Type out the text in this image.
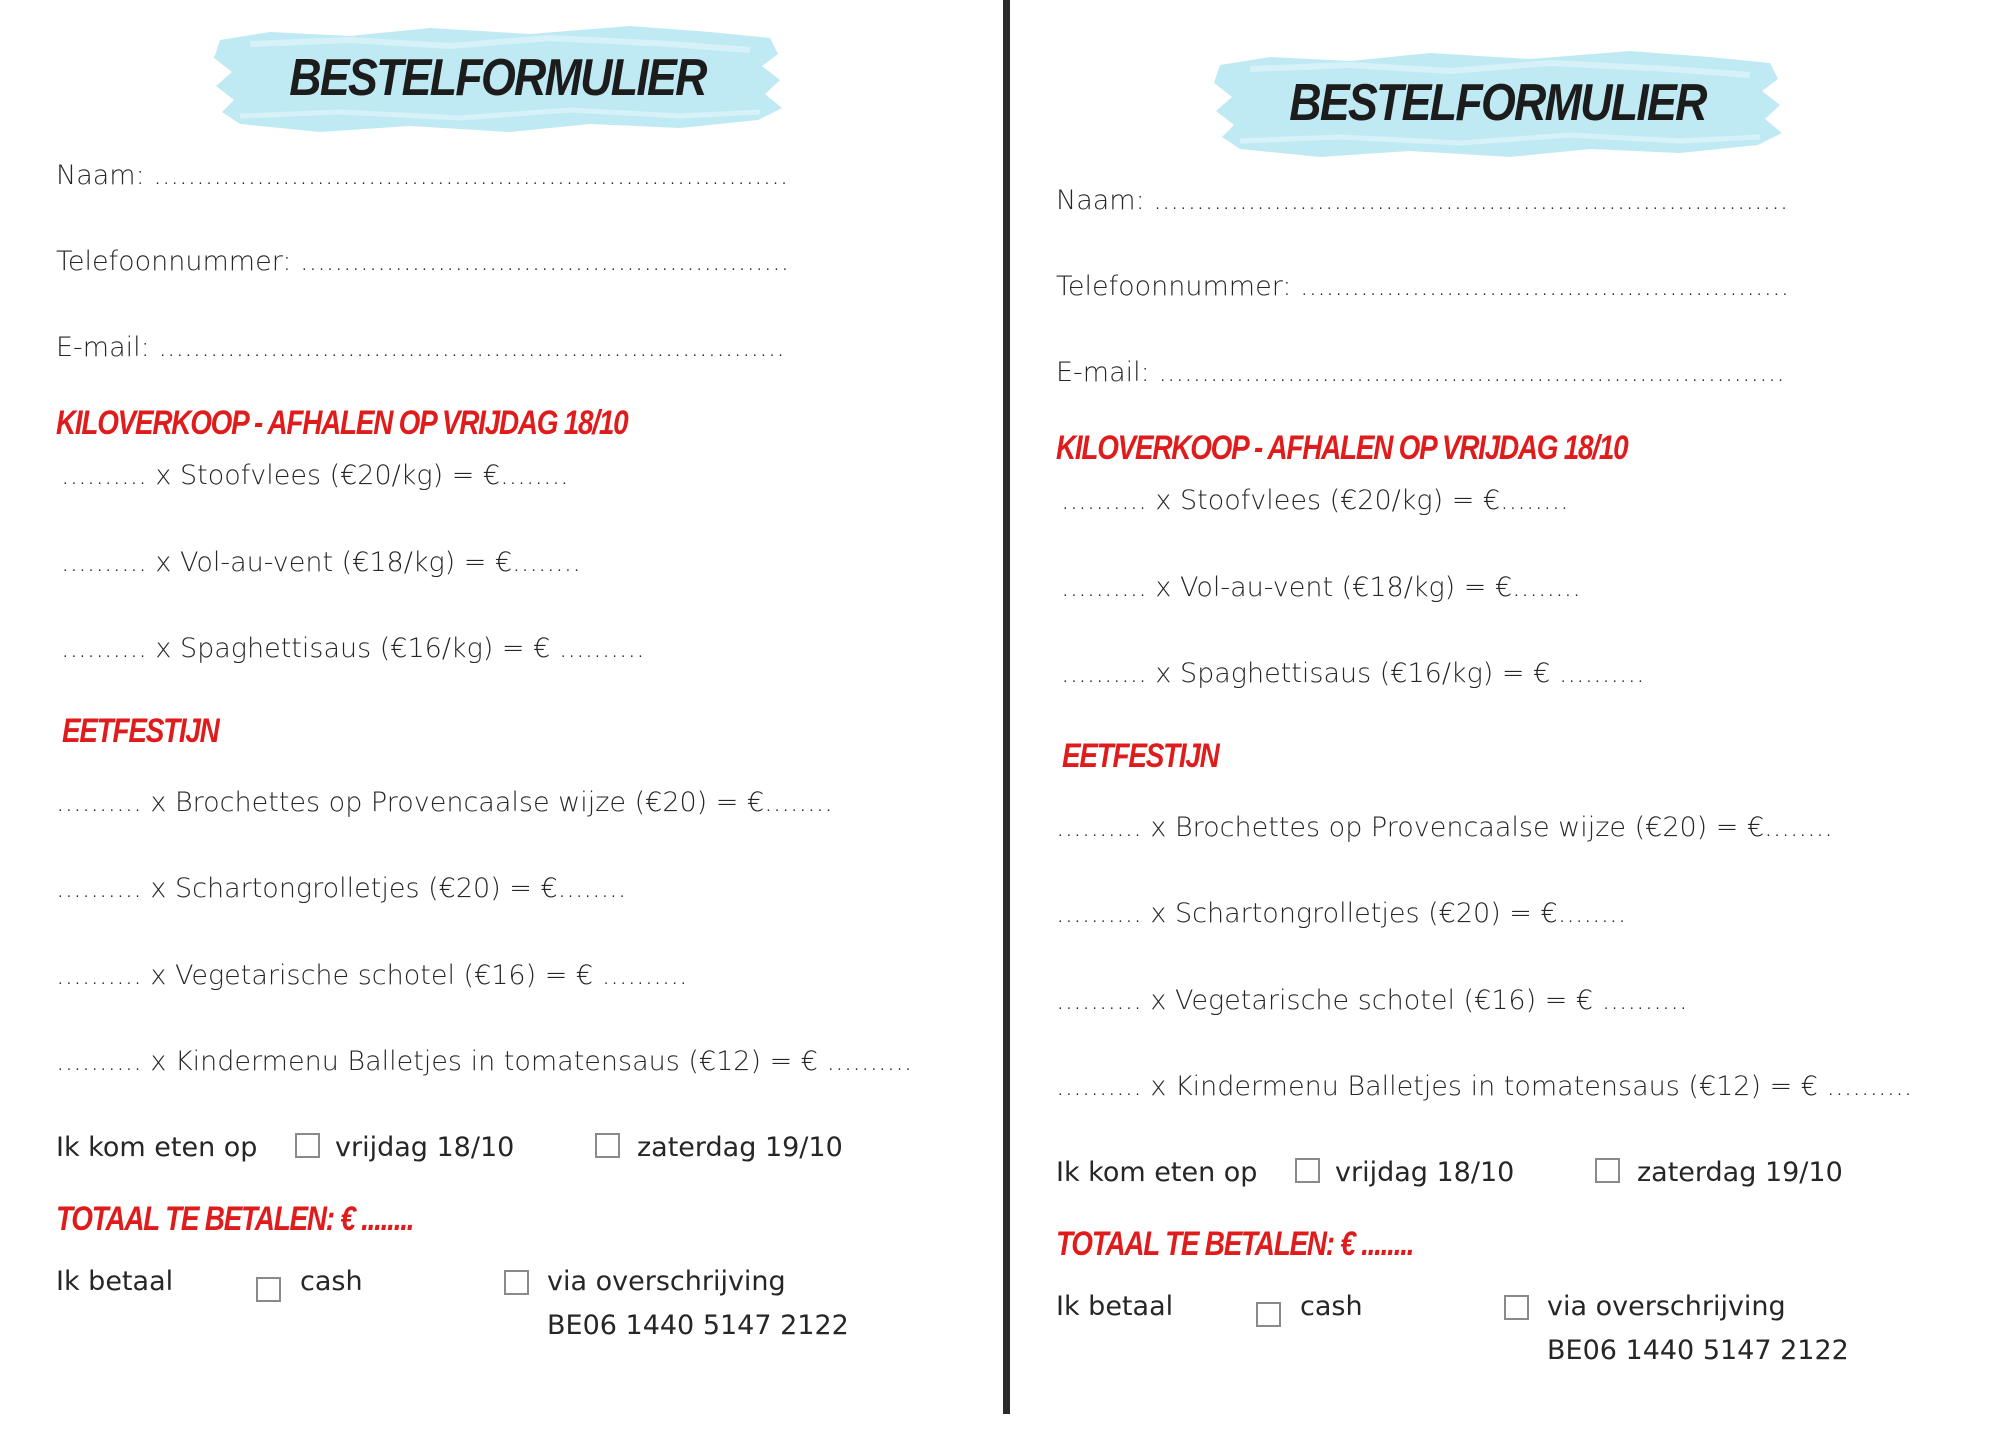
BESTELFORMULIER
Naam: ..........................................................................
Telefoonnummer: .........................................................
E-mail: .........................................................................
KILOVERKOOP - AFHALEN OP VRIJDAG 18/10
.......... x Stoofvlees (€20/kg) = €........
.......... x Vol-au-vent (€18/kg) = €........
.......... x Spaghettisaus (€16/kg) = € ..........
EETFESTIJN
.......... x Brochettes op Provencaalse wijze (€20) = €........
.......... x Schartongrolletjes (€20) = €........
.......... x Vegetarische schotel (€16) = € ..........
.......... x Kindermenu Balletjes in tomatensaus (€12) = € ..........
Ik kom eten op	vrijdag 18/10	zaterdag 19/10
TOTAAL TE BETALEN: € ........
Ik betaal	cash	via overschrijving
BE06 1440 5147 2122
BESTELFORMULIER
Naam: ..........................................................................
Telefoonnummer: .........................................................
E-mail: .........................................................................
KILOVERKOOP - AFHALEN OP VRIJDAG 18/10
.......... x Stoofvlees (€20/kg) = €........
.......... x Vol-au-vent (€18/kg) = €........
.......... x Spaghettisaus (€16/kg) = € ..........
EETFESTIJN
.......... x Brochettes op Provencaalse wijze (€20) = €........
.......... x Schartongrolletjes (€20) = €........
.......... x Vegetarische schotel (€16) = € ..........
.......... x Kindermenu Balletjes in tomatensaus (€12) = € ..........
Ik kom eten op	vrijdag 18/10	zaterdag 19/10
TOTAAL TE BETALEN: € ........
Ik betaal	cash	via overschrijving
BE06 1440 5147 2122
